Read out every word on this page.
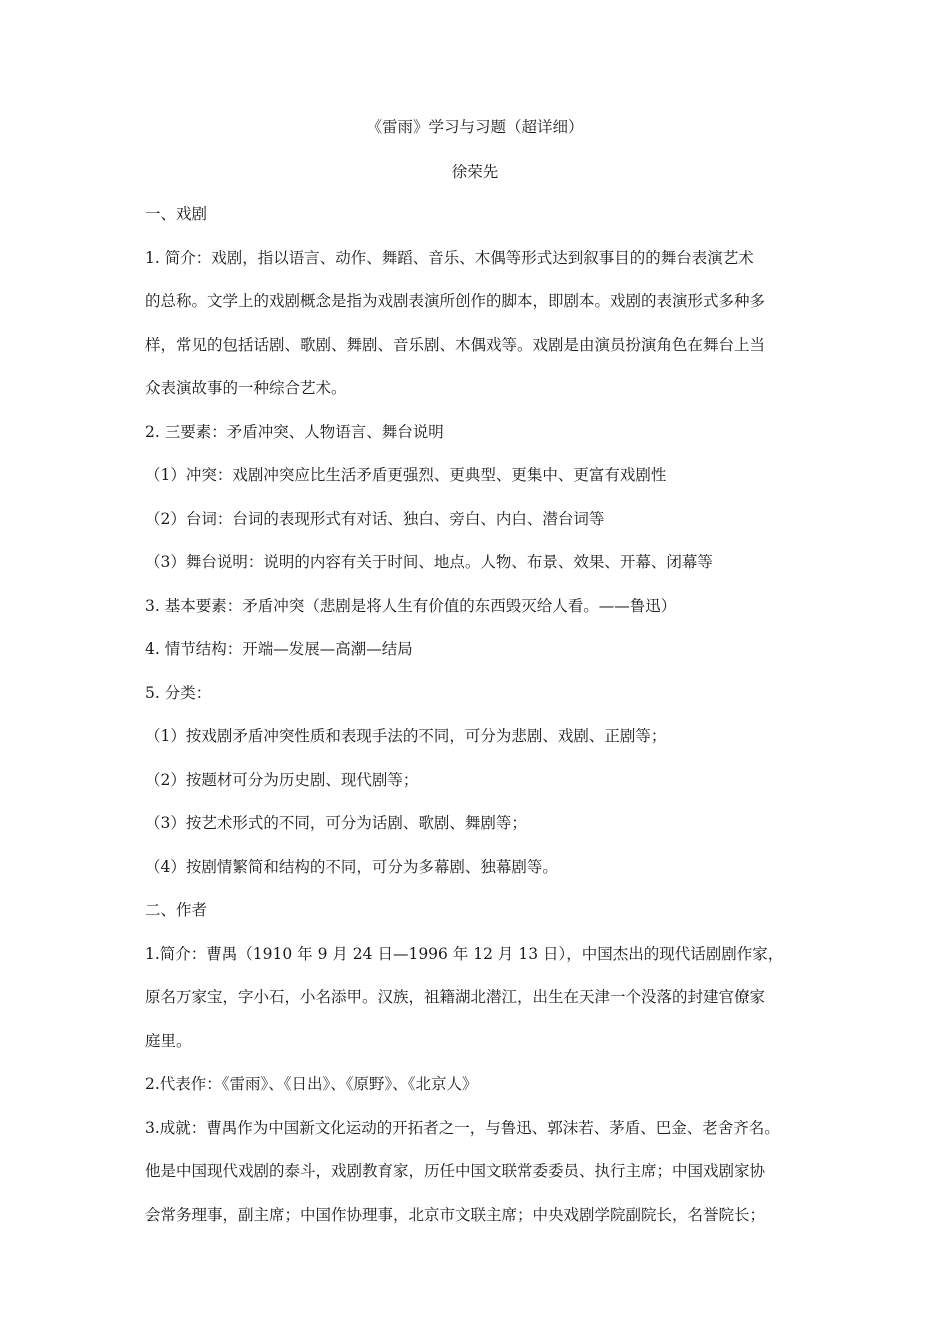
《雷雨》学习与习题（超详细）
徐荣先
一、戏剧
1. 简介：戏剧，指以语言、动作、舞蹈、音乐、木偶等形式达到叙事目的的舞台表演艺术
的总称。文学上的戏剧概念是指为戏剧表演所创作的脚本，即剧本。戏剧的表演形式多种多
样，常见的包括话剧、歌剧、舞剧、音乐剧、木偶戏等。戏剧是由演员扮演角色在舞台上当
众表演故事的一种综合艺术。
2. 三要素：矛盾冲突、人物语言、舞台说明
（1）冲突：戏剧冲突应比生活矛盾更强烈、更典型、更集中、更富有戏剧性
（2）台词：台词的表现形式有对话、独白、旁白、内白、潜台词等
（3）舞台说明：说明的内容有关于时间、地点。人物、布景、效果、开幕、闭幕等
3. 基本要素：矛盾冲突（悲剧是将人生有价值的东西毁灭给人看。——鲁迅）
4. 情节结构：开端—发展—高潮—结局
5. 分类：
（1）按戏剧矛盾冲突性质和表现手法的不同，可分为悲剧、戏剧、正剧等；
（2）按题材可分为历史剧、现代剧等；
（3）按艺术形式的不同，可分为话剧、歌剧、舞剧等；
（4）按剧情繁简和结构的不同，可分为多幕剧、独幕剧等。
二、作者
1.简介：曹禺（1910 年 9 月 24 日—1996 年 12 月 13 日），中国杰出的现代话剧剧作家，
原名万家宝，字小石，小名添甲。汉族，祖籍湖北潜江，出生在天津一个没落的封建官僚家
庭里。
2.代表作：《雷雨》、《日出》、《原野》、《北京人》
3.成就：曹禺作为中国新文化运动的开拓者之一，与鲁迅、郭沫若、茅盾、巴金、老舍齐名。
他是中国现代戏剧的泰斗，戏剧教育家，历任中国文联常委委员、执行主席；中国戏剧家协
会常务理事，副主席；中国作协理事，北京市文联主席；中央戏剧学院副院长，名誉院长；
